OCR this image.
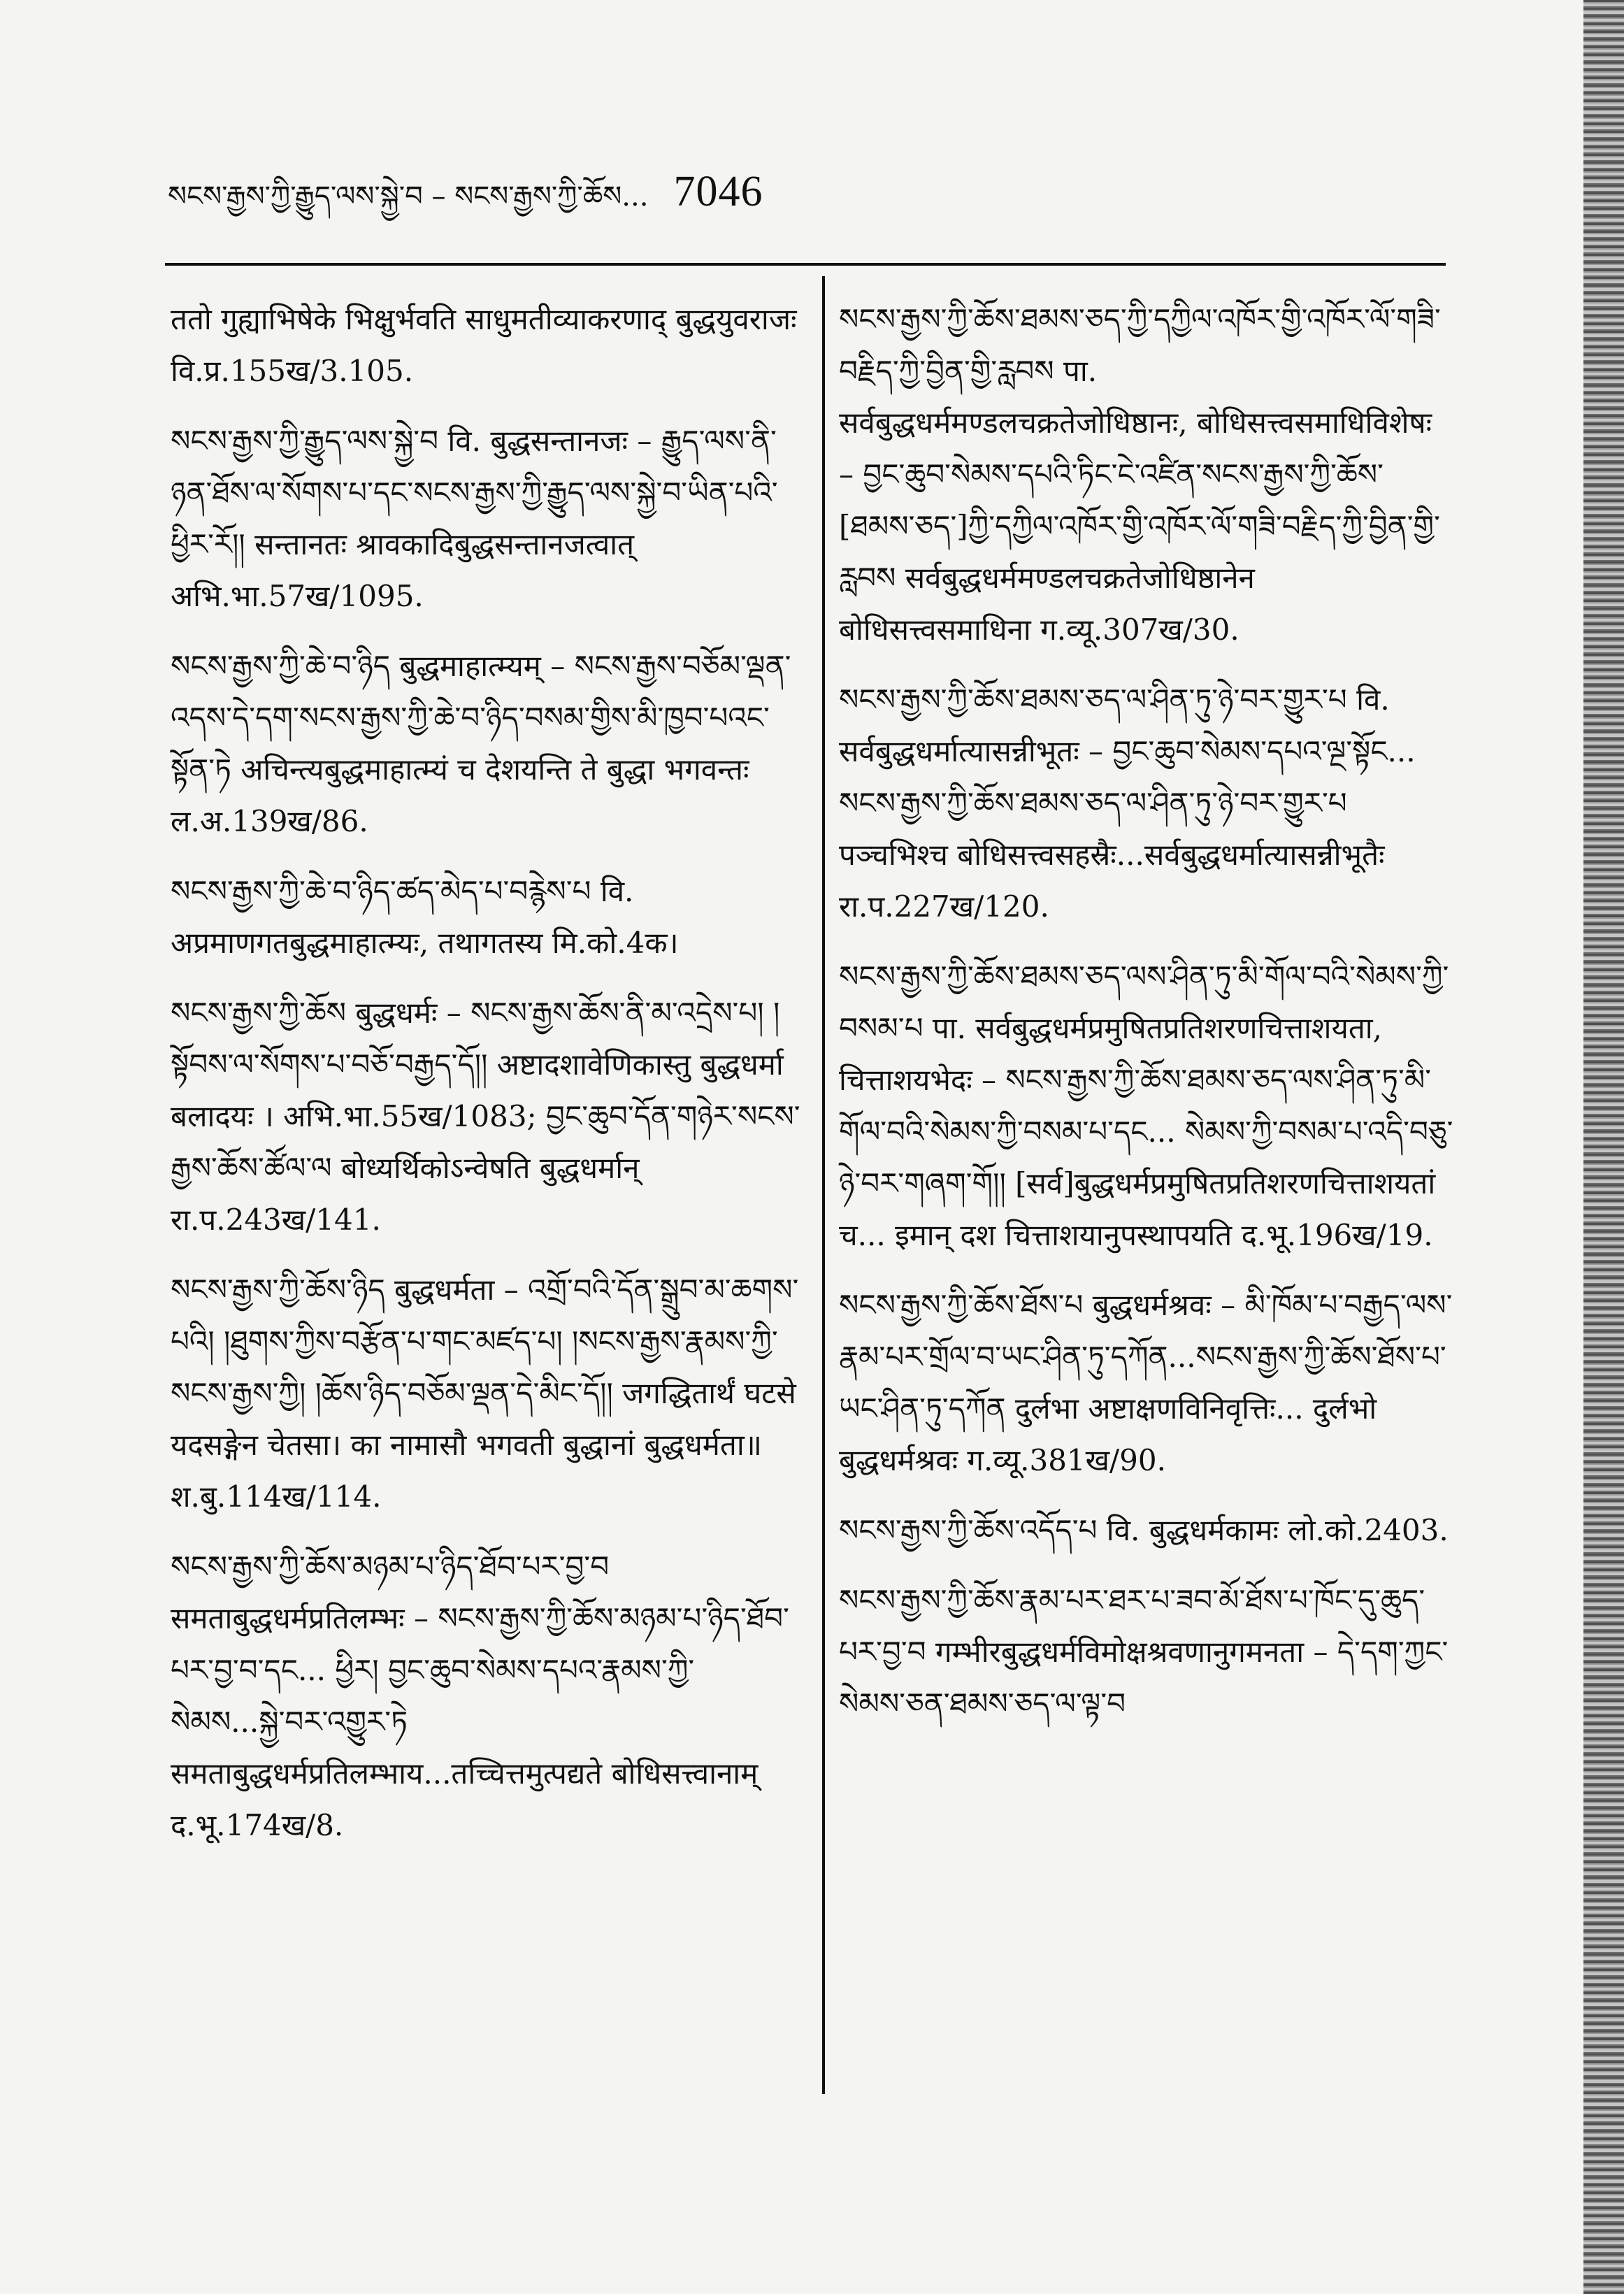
སངས་རྒྱས་ཀྱི་རྒྱུད་ལས་སྐྱེ་བ – སངས་རྒྱས་ཀྱི་ཆོས... 7046
ततो गुह्याभिषेके भिक्षुर्भवति साधुमतीव्याकरणाद् बुद्धयुवराजः वि.प्र.155ख/3.105.
སངས་རྒྱས་ཀྱི་རྒྱུད་ལས་སྐྱེ་བ वि. बुद्धसन्तानजः – རྒྱུད་ལས་ནི་ཉན་ཐོས་ལ་སོགས་པ་དང་སངས་རྒྱས་ཀྱི་རྒྱུད་ལས་སྐྱེ་བ་ཡིན་པའི་ཕྱིར་རོ།། सन्तानतः श्रावकादिबुद्धसन्तानजत्वात् अभि.भा.57ख/1095.
སངས་རྒྱས་ཀྱི་ཆེ་བ་ཉིད बुद्धमाहात्म्यम् – སངས་རྒྱས་བཅོམ་ལྡན་འདས་དེ་དག་སངས་རྒྱས་ཀྱི་ཆེ་བ་ཉིད་བསམ་གྱིས་མི་ཁྱབ་པའང་སྟོན་ཏེ अचिन्त्यबुद्धमाहात्म्यं च देशयन्ति ते बुद्धा भगवन्तः ल.अ.139ख/86.
སངས་རྒྱས་ཀྱི་ཆེ་བ་ཉིད་ཚད་མེད་པ་བརྙེས་པ वि. अप्रमाणगतबुद्धमाहात्म्यः, तथागतस्य मि.को.4क।
སངས་རྒྱས་ཀྱི་ཆོས बुद्धधर्मः – སངས་རྒྱས་ཆོས་ནི་མ་འདྲེས་པ། །སྟོབས་ལ་སོགས་པ་བཅོ་བརྒྱད་དོ།། अष्टादशावेणिकास्तु बुद्धधर्मा बलादयः । अभि.भा.55ख/1083; བྱང་ཆུབ་དོན་གཉེར་སངས་རྒྱས་ཆོས་ཚོལ་ལ बोध्यर्थिकोऽन्वेषति बुद्धधर्मान् रा.प.243ख/141.
སངས་རྒྱས་ཀྱི་ཆོས་ཉིད बुद्धधर्मता – འགྲོ་བའི་དོན་སྒྲུབ་མ་ཆགས་པའི། །ཐུགས་ཀྱིས་བརྩོན་པ་གང་མཛད་པ། །སངས་རྒྱས་རྣམས་ཀྱི་སངས་རྒྱས་ཀྱི། །ཆོས་ཉིད་བཅོམ་ལྡན་དེ་མིང་དོ།། जगद्धितार्थं घटसे यदसङ्गेन चेतसा। का नामासौ भगवती बुद्धानां बुद्धधर्मता॥ श.बु.114ख/114.
སངས་རྒྱས་ཀྱི་ཆོས་མཉམ་པ་ཉིད་ཐོབ་པར་བྱ་བ समताबुद्धधर्मप्रतिलम्भः – སངས་རྒྱས་ཀྱི་ཆོས་མཉམ་པ་ཉིད་ཐོབ་པར་བྱ་བ་དང... ཕྱིར། བྱང་ཆུབ་སེམས་དཔའ་རྣམས་ཀྱི་སེམས...སྐྱེ་བར་འགྱུར་ཏེ समताबुद्धधर्मप्रतिलम्भाय...तच्चित्तमुत्पद्यते बोधिसत्त्वानाम् द.भू.174ख/8.
སངས་རྒྱས་ཀྱི་ཆོས་ཐམས་ཅད་ཀྱི་དཀྱིལ་འཁོར་གྱི་འཁོར་ལོ་གཟི་བརྗིད་ཀྱི་བྱིན་གྱི་རླབས पा. सर्वबुद्धधर्ममण्डलचक्रतेजोधिष्ठानः, बोधिसत्त्वसमाधिविशेषः – བྱང་ཆུབ་སེམས་དཔའི་ཏིང་ངེ་འཛིན་སངས་རྒྱས་ཀྱི་ཆོས་[ཐམས་ཅད་]ཀྱི་དཀྱིལ་འཁོར་གྱི་འཁོར་ལོ་གཟི་བརྗིད་ཀྱི་བྱིན་གྱི་རླབས सर्वबुद्धधर्ममण्डलचक्रतेजोधिष्ठानेन बोधिसत्त्वसमाधिना ग.व्यू.307ख/30.
སངས་རྒྱས་ཀྱི་ཆོས་ཐམས་ཅད་ལ་ཤིན་ཏུ་ཉེ་བར་གྱུར་པ वि. सर्वबुद्धधर्मात्यासन्नीभूतः – བྱང་ཆུབ་སེམས་དཔའ་ལྔ་སྟོང... སངས་རྒྱས་ཀྱི་ཆོས་ཐམས་ཅད་ལ་ཤིན་ཏུ་ཉེ་བར་གྱུར་པ पञ्चभिश्च बोधिसत्त्वसहस्रैः...सर्वबुद्धधर्मात्यासन्नीभूतैः रा.प.227ख/120.
སངས་རྒྱས་ཀྱི་ཆོས་ཐམས་ཅད་ལས་ཤིན་ཏུ་མི་གོལ་བའི་སེམས་ཀྱི་བསམ་པ पा. सर्वबुद्धधर्मप्रमुषितप्रतिशरणचित्ताशयता, चित्ताशयभेदः – སངས་རྒྱས་ཀྱི་ཆོས་ཐམས་ཅད་ལས་ཤིན་ཏུ་མི་གོལ་བའི་སེམས་ཀྱི་བསམ་པ་དང... སེམས་ཀྱི་བསམ་པ་འདི་བཅུ་ཉེ་བར་གཞག་གོ།། [सर्व]बुद्धधर्मप्रमुषितप्रतिशरणचित्ताशयतां च... इमान् दश चित्ताशयानुपस्थापयति द.भू.196ख/19.
སངས་རྒྱས་ཀྱི་ཆོས་ཐོས་པ बुद्धधर्मश्रवः – མི་ཁོམ་པ་བརྒྱད་ལས་རྣམ་པར་གྲོལ་བ་ཡང་ཤིན་ཏུ་དཀོན...སངས་རྒྱས་ཀྱི་ཆོས་ཐོས་པ་ཡང་ཤིན་ཏུ་དཀོན दुर्लभा अष्टाक्षणविनिवृत्तिः... दुर्लभो बुद्धधर्मश्रवः ग.व्यू.381ख/90.
སངས་རྒྱས་ཀྱི་ཆོས་འདོད་པ वि. बुद्धधर्मकामः लो.को.2403.
སངས་རྒྱས་ཀྱི་ཆོས་རྣམ་པར་ཐར་པ་ཟབ་མོ་ཐོས་པ་ཁོང་དུ་ཆུད་པར་བྱ་བ गम्भीरबुद्धधर्मविमोक्षश्रवणानुगमनता – དེ་དག་ཀྱང་སེམས་ཅན་ཐམས་ཅད་ལ་ལྟ་བ
